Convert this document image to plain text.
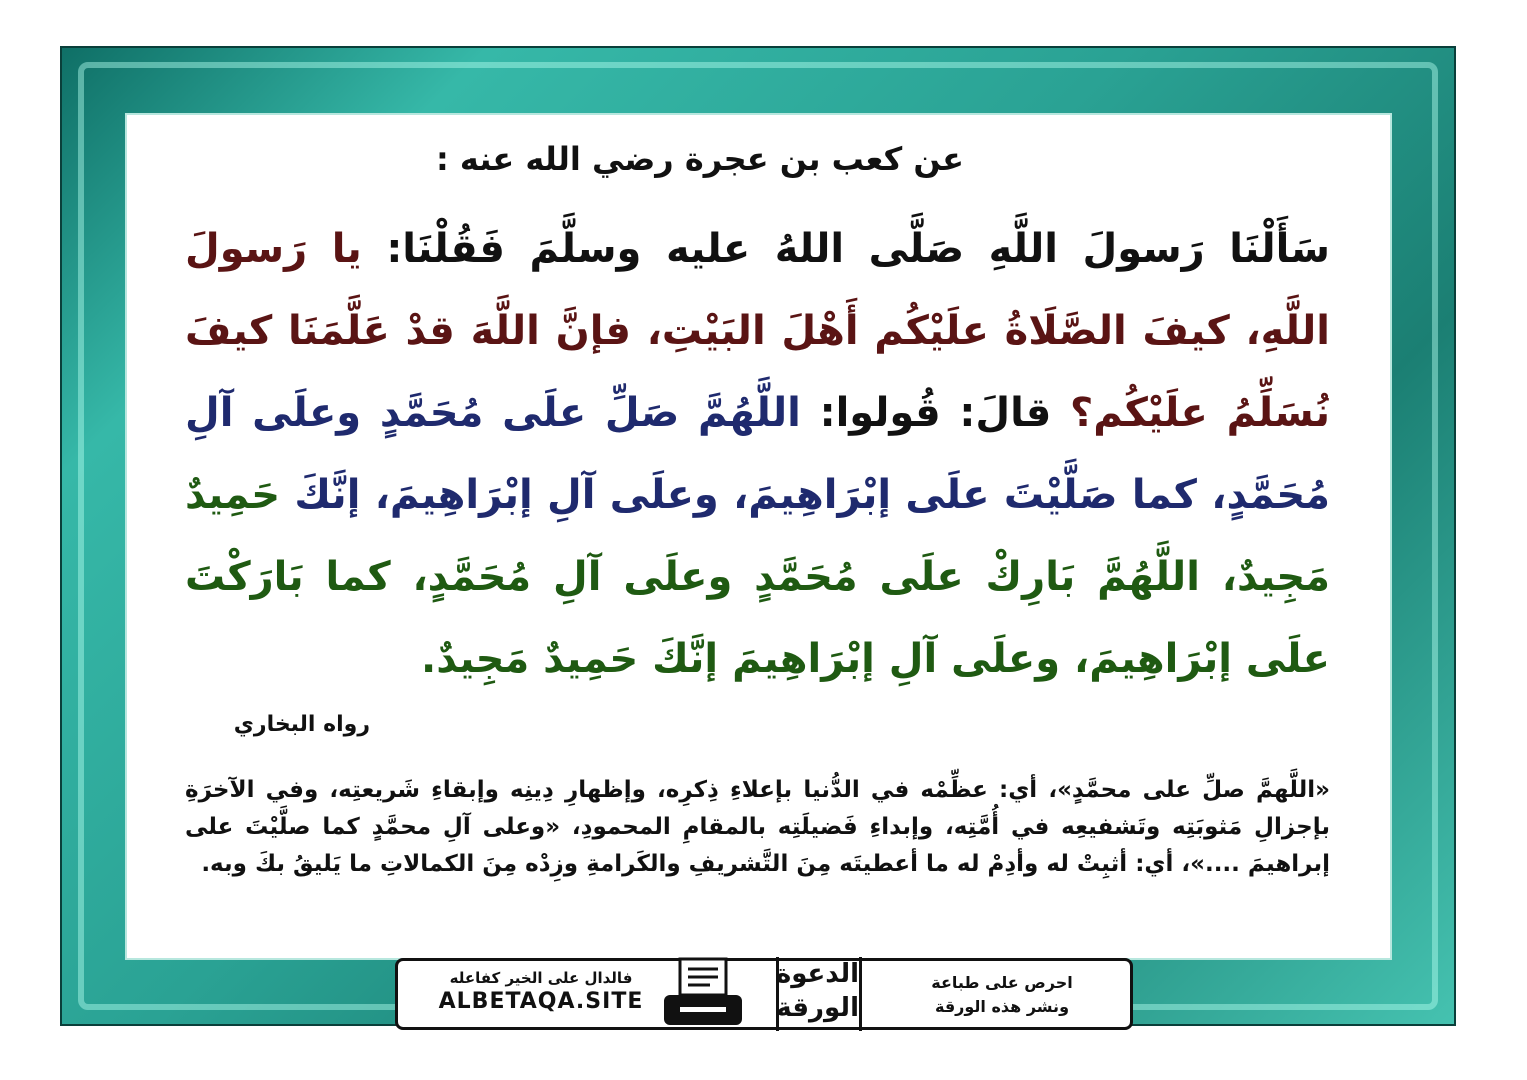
عن كعب بن عجرة رضي الله عنه :
سَأَلْنَا رَسولَ اللَّهِ صَلَّى اللهُ عليه وسلَّمَ فَقُلْنَا: يا رَسولَ اللَّهِ، كيفَ الصَّلَاةُ علَيْكُم أَهْلَ البَيْتِ، فإنَّ اللَّهَ قدْ عَلَّمَنَا كيفَ نُسَلِّمُ علَيْكُم؟ قالَ: قُولوا: اللَّهُمَّ صَلِّ علَى مُحَمَّدٍ وعلَى آلِ مُحَمَّدٍ، كما صَلَّيْتَ علَى إبْرَاهِيمَ، وعلَى آلِ إبْرَاهِيمَ، إنَّكَ حَمِيدٌ مَجِيدٌ، اللَّهُمَّ بَارِكْ علَى مُحَمَّدٍ وعلَى آلِ مُحَمَّدٍ، كما بَارَكْتَ علَى إبْرَاهِيمَ، وعلَى آلِ إبْرَاهِيمَ إنَّكَ حَمِيدٌ مَجِيدٌ.
رواه البخاري
«اللَّهمَّ صلِّ على محمَّدٍ»، أي: عظِّمْه في الدُّنيا بإعلاءِ ذِكرِه، وإظهارِ دِينِه وإبقاءِ شَريعتِه، وفي الآخرَةِ بإجزالِ مَثوبَتِه وتَشفيعِه في أُمَّتِه، وإبداءِ فَضيلَتِه بالمقامِ المحمودِ، «وعلى آلِ محمَّدٍ كما صلَّيْتَ على إبراهيمَ ....»، أي: أثبِتْ له وأدِمْ له ما أعطيتَه مِنَ التَّشريفِ والكَرامةِ وزِدْه مِنَ الكمالاتِ ما يَليقُ بكَ وبه.
فالدال على الخير كفاعله
ALBETAQA.SITE
الدعوة
الورقة
احرص على طباعة
ونشر هذه الورقة
